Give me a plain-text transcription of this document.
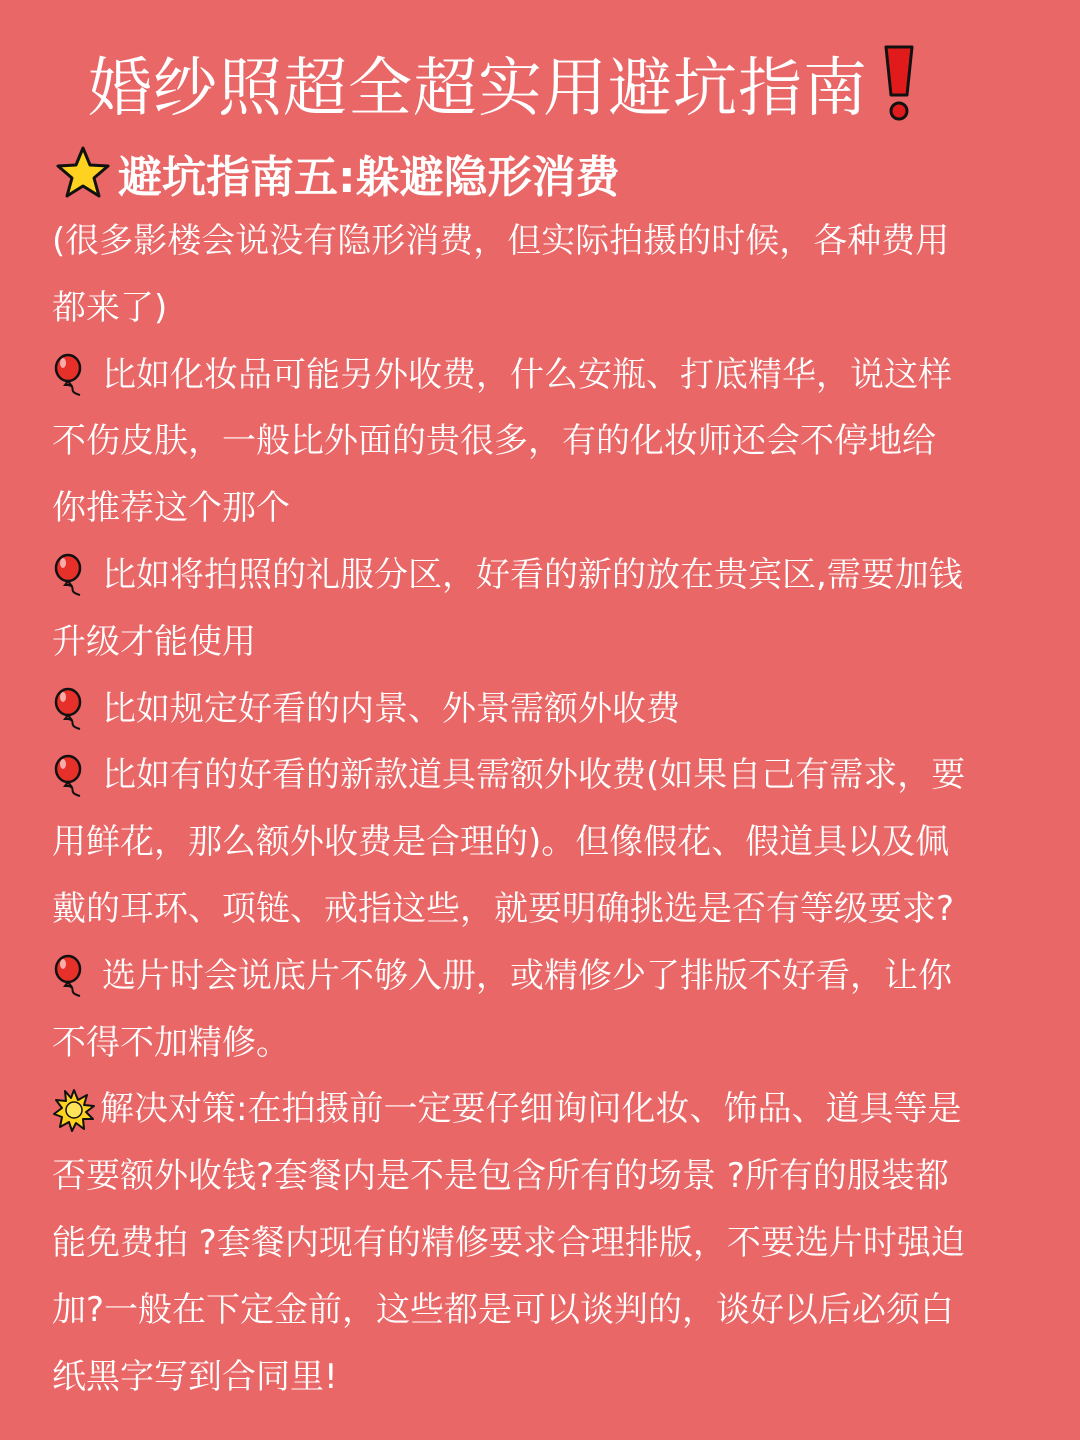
婚纱照超全超实用避坑指南
避坑指南五:躲避隐形消费
(很多影楼会说没有隐形消费，但实际拍摄的时候，各种费用
都来了)
比如化妆品可能另外收费，什么安瓶、打底精华，说这样
不伤皮肤，一般比外面的贵很多，有的化妆师还会不停地给
你推荐这个那个
比如将拍照的礼服分区，好看的新的放在贵宾区,需要加钱
升级才能使用
比如规定好看的内景、外景需额外收费
比如有的好看的新款道具需额外收费(如果自己有需求，要
用鲜花，那么额外收费是合理的)。但像假花、假道具以及佩
戴的耳环、项链、戒指这些，就要明确挑选是否有等级要求?
选片时会说底片不够入册，或精修少了排版不好看，让你
不得不加精修。
解决对策:在拍摄前一定要仔细询问化妆、饰品、道具等是
否要额外收钱?套餐内是不是包含所有的场景 ?所有的服装都
能免费拍 ?套餐内现有的精修要求合理排版，不要选片时强迫
加?一般在下定金前，这些都是可以谈判的，谈好以后必须白
纸黑字写到合同里!
